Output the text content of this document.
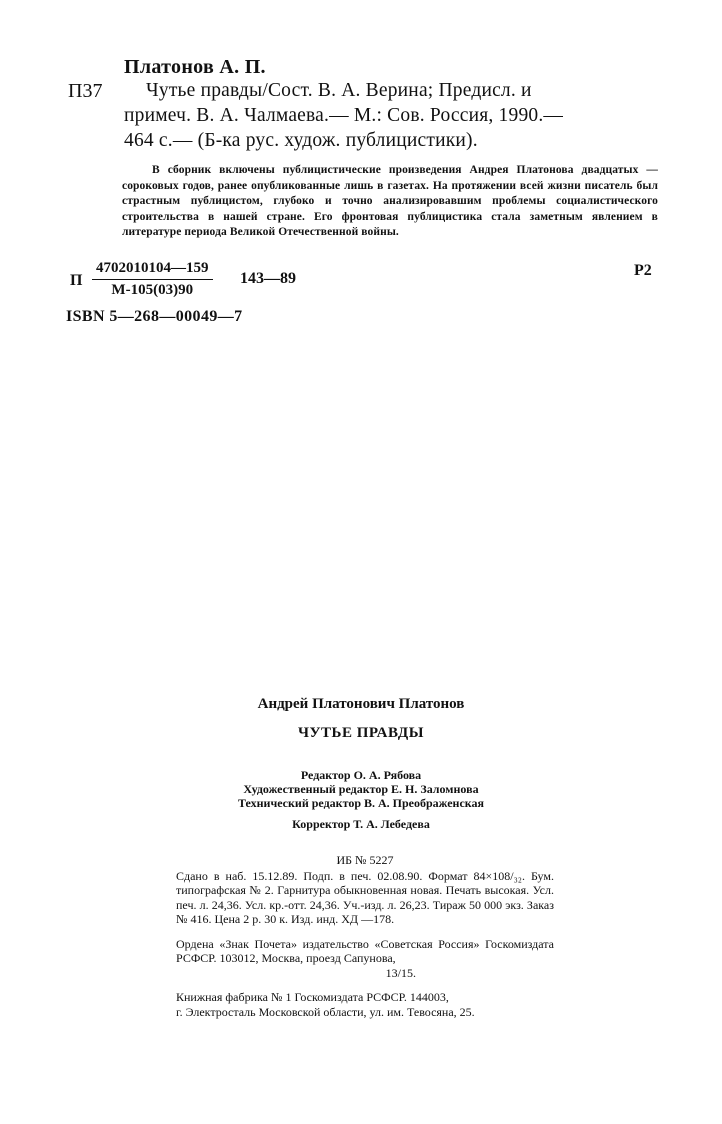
Платонов А. П.
П37 Чутье правды/Сост. В. А. Верина; Предисл. и
примеч. В. А. Чалмаева.— М.: Сов. Россия, 1990.—
464 с.— (Б-ка рус. худож. публицистики).
В сборник включены публицистические произведения Андрея Платонова двадцатых — сороковых годов, ранее опубликованные лишь в газетах. На протяжении всей жизни писатель был страстным публицистом, глубоко и точно анализировавшим проблемы социалистического строительства в нашей стране. Его фронтовая публицистика стала заметным явлением в литературе периода Великой Отечественной войны.
П
4702010104—159
М-105(03)90
143—89	Р2
ISBN 5—268—00049—7
Андрей Платонович Платонов
ЧУТЬЕ ПРАВДЫ
Редактор О. А. Рябова
Художественный редактор Е. Н. Заломнова
Технический редактор В. А. Преображенская
Корректор Т. А. Лебедева
ИБ № 5227
Сдано в наб. 15.12.89. Подп. в печ. 02.08.90. Формат 84×108/₃₂. Бум. типографская № 2. Гарнитура обыкновенная новая. Печать высокая. Усл. печ. л. 24,36. Усл. кр.-отт. 24,36. Уч.-изд. л. 26,23. Тираж 50 000 экз. Заказ № 416. Цена 2 р. 30 к. Изд. инд. ХД —178.
Ордена «Знак Почета» издательство «Советская Россия» Госкомиздата РСФСР. 103012, Москва, проезд Сапунова,
13/15.
Книжная фабрика № 1 Госкомиздата РСФСР. 144003,
г. Электросталь Московской области, ул. им. Тевосяна, 25.
